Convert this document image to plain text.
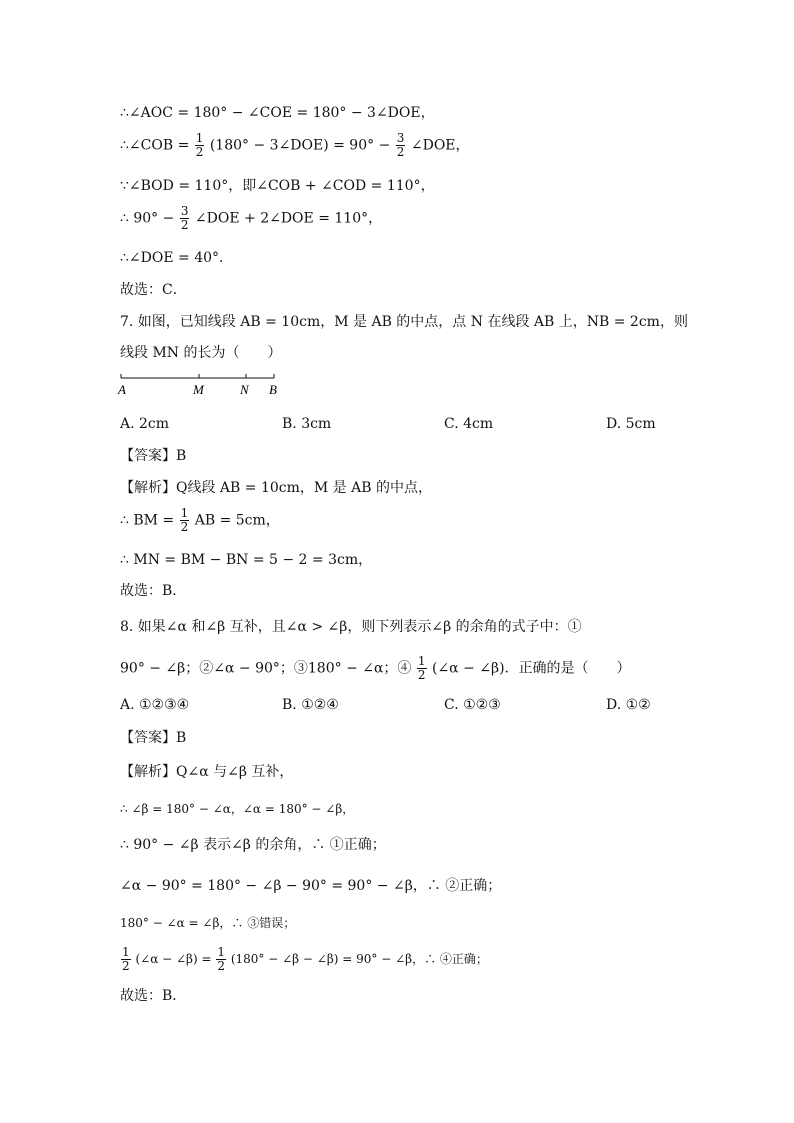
∴∠AOC = 180° − ∠COE = 180° − 3∠DOE，
∴∠COB = $\frac{1}{2} (180^\circ$ − 3∠DOE) = $90^\circ - \frac{3}{2}$ ∠DOE，
∵∠BOD = 110°，即∠COB + ∠COD = 110°，
∴ $90^\circ - \frac{3}{2}$ ∠DOE + 2∠DOE = 110°，
∴∠DOE = 40°．
故选：C．
7. 如图，已知线段 AB = 10cm，M 是 AB 的中点，点 N 在线段 AB 上，NB = 2cm，则
线段 MN 的长为（　　）
A	M	N B
A. 2cm	B. 3cm	C. 4cm	D. 5cm
【答案】B
【解析】Q线段 AB = 10cm，M 是 AB 的中点，
∴ BM = $\frac{1}{2}$ AB = 5cm，
∴ MN = BM − BN = 5 − 2 = 3cm，
故选：B．
8. 如果∠α 和∠β 互补，且∠α > ∠β，则下列表示∠β 的余角的式子中：①
90° − ∠β；②∠α − 90°；③180° − ∠α；④ $\frac{1}{2}$ (∠α − ∠β)．正确的是（　　）
A. ①②③④	B. ①②④	C. ①②③	D. ①②
【答案】B
【解析】Q∠α 与∠β 互补，
∴ ∠β = 180° − ∠α，∠α = 180° − ∠β，
∴ 90° − ∠β 表示∠β 的余角，∴ ①正确；
∠α − 90° = 180° − ∠β − 90° = 90° − ∠β，∴ ②正确；
180° − ∠α = ∠β，∴ ③错误；
$\frac{1}{2}$ (∠α − ∠β) = $\frac{1}{2} (180^\circ$ − ∠β − ∠β) = 90° − ∠β，∴ ④正确；
故选：B．
